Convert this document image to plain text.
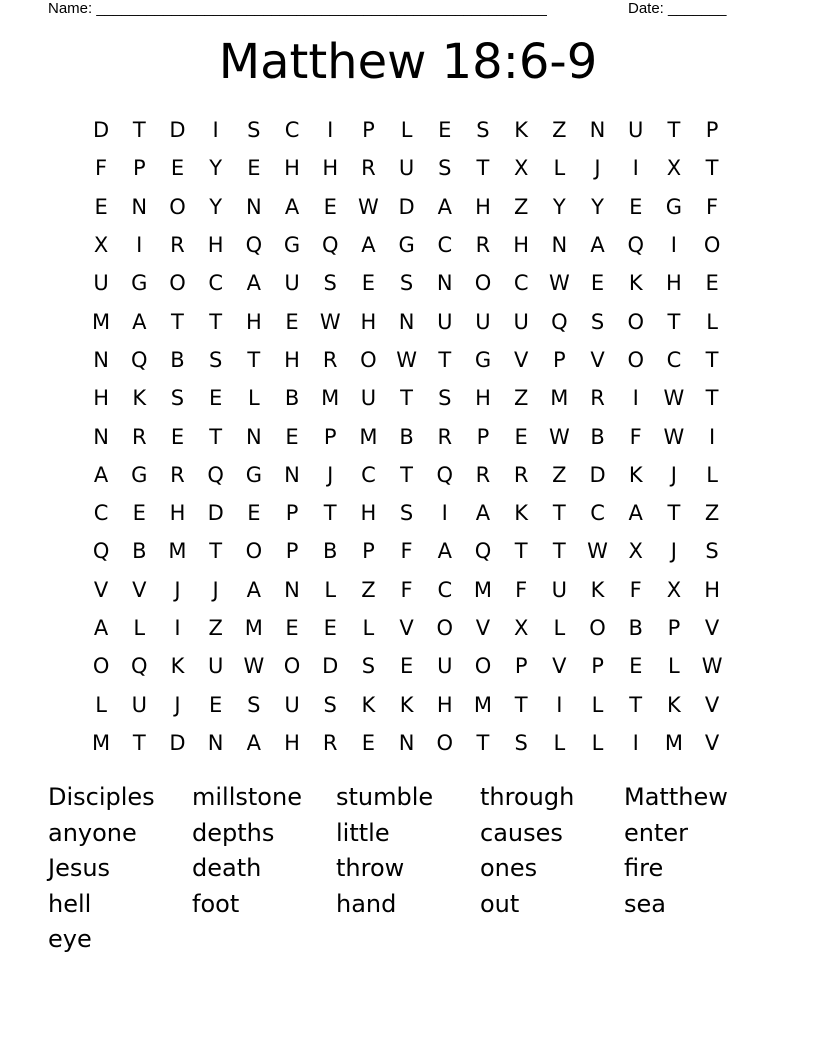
Name: ______________________________________________________	Date: _______
Matthew 18:6-9
D	T	D	I	S	C	I	P	L	E	S	K	Z	N	U	T	P
F	P	E	Y	E	H	H	R	U	S	T	X	L	J	I	X	T
E	N	O	Y	N	A	E	W D	A	H	Z	Y	Y	E	G	F
X	I	R	H	Q	G	Q	A	G	C	R	H	N	A	Q	I	O
U	G	O	C	A	U	S	E	S	N	O	C W	E	K	H	E
M	A	T	T	H	E	W H	N	U	U	U	Q	S	O	T	L
N	Q	B	S	T	H	R	O W	T	G	V	P	V	O	C	T
H	K	S	E	L	B	M	U	T	S	H	Z	M	R	I	W	T
N	R	E	T	N	E	P	M	B	R	P	E	W B	F	W	I
A	G	R	Q	G	N	J	C	T	Q	R	R	Z	D	K	J	L
C	E	H	D	E	P	T	H	S	I	A	K	T	C	A	T	Z
Q	B	M	T	O	P	B	P	F	A	Q	T	T	W X	J	S
V	V	J	J	A	N	L	Z	F	C	M	F	U	K	F	X	H
A	L	I	Z	M	E	E	L	V	O	V	X	L	O	B	P	V
O	Q	K	U W O	D	S	E	U	O	P	V	P	E	L	W
L	U	J	E	S	U	S	K	K	H	M	T	I	L	T	K	V
M	T	D	N	A	H	R	E	N	O	T	S	L	L	I	M	V
Disciples	millstone	stumble	through	Matthew
anyone	depths	little	causes	enter
Jesus	death	throw	ones	fire
hell	foot	hand	out	sea
eye
